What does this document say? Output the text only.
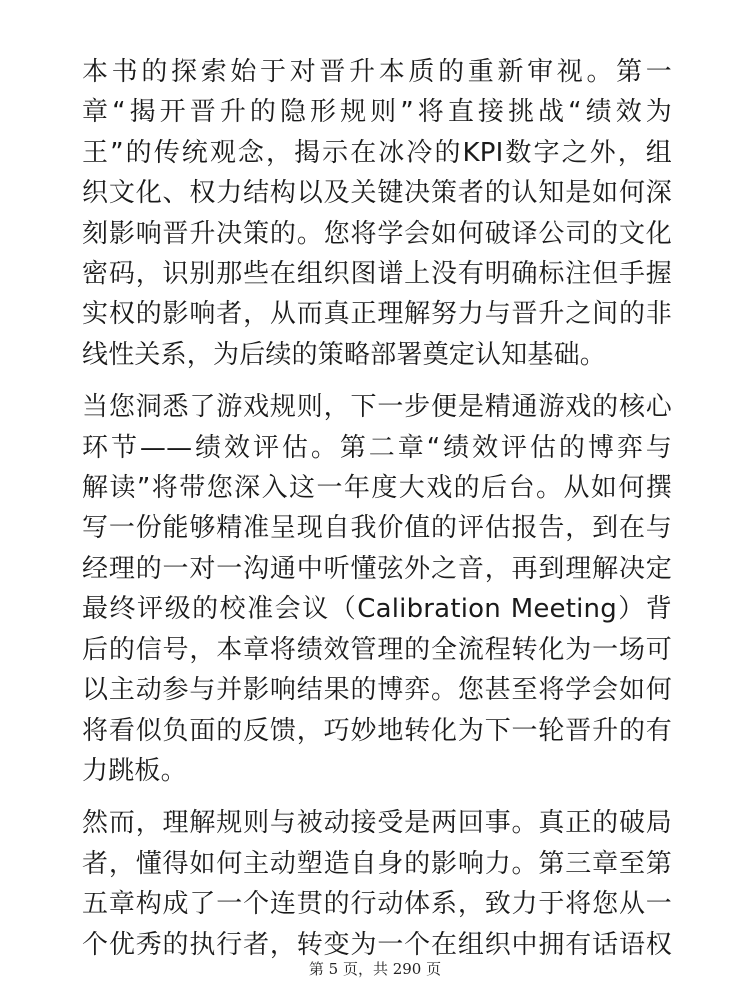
本书的探索始于对晋升本质的重新审视。第一
章“揭开晋升的隐形规则”将直接挑战“绩效为
王”的传统观念，揭示在冰冷的KPI数字之外，组
织文化、权力结构以及关键决策者的认知是如何深
刻影响晋升决策的。您将学会如何破译公司的文化
密码，识别那些在组织图谱上没有明确标注但手握
实权的影响者，从而真正理解努力与晋升之间的非
线性关系，为后续的策略部署奠定认知基础。

当您洞悉了游戏规则，下一步便是精通游戏的核心
环节——绩效评估。第二章“绩效评估的博弈与
解读”将带您深入这一年度大戏的后台。从如何撰
写一份能够精准呈现自我价值的评估报告，到在与
经理的一对一沟通中听懂弦外之音，再到理解决定
最终评级的校准会议（Calibration Meeting）背
后的信号，本章将绩效管理的全流程转化为一场可
以主动参与并影响结果的博弈。您甚至将学会如何
将看似负面的反馈，巧妙地转化为下一轮晋升的有
力跳板。

然而，理解规则与被动接受是两回事。真正的破局
者，懂得如何主动塑造自身的影响力。第三章至第
五章构成了一个连贯的行动体系，致力于将您从一
个优秀的执行者，转变为一个在组织中拥有话语权

第 5 页，共 290 页
